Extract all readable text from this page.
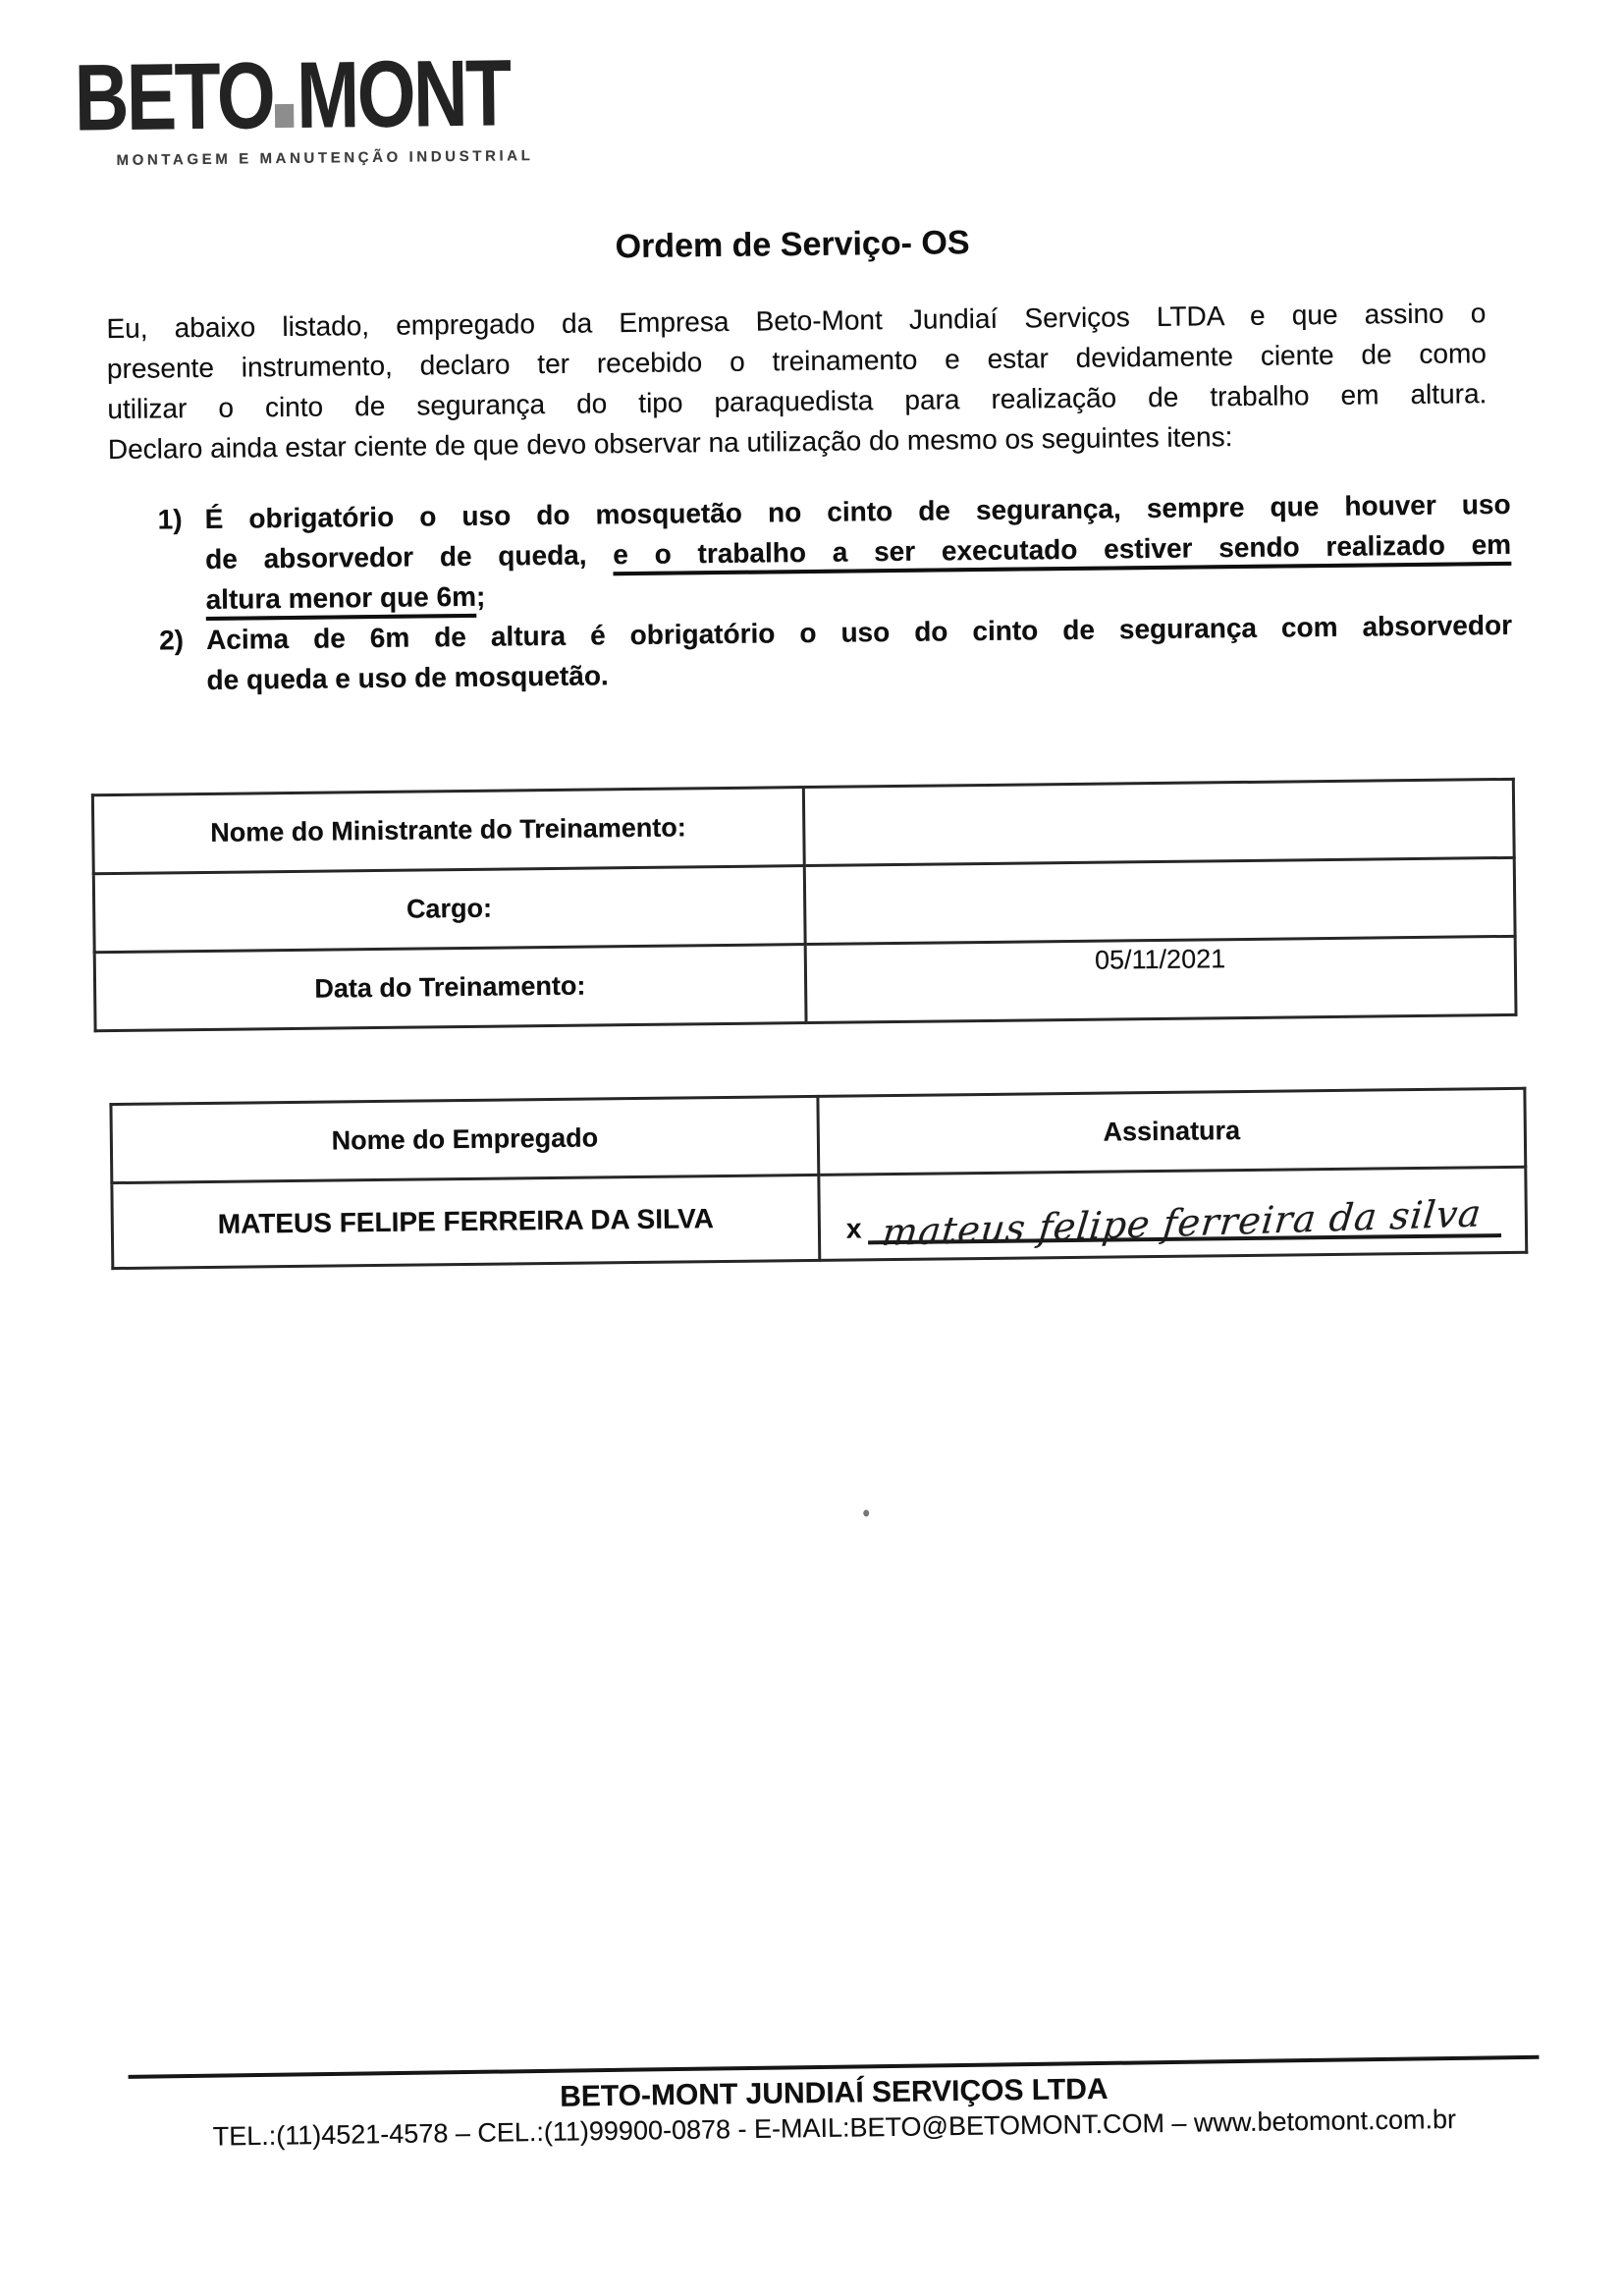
BETO MONT
MONTAGEM E MANUTENÇÃO INDUSTRIAL
Ordem de Serviço- OS
Eu, abaixo listado, empregado da Empresa Beto-Mont Jundiaí Serviços LTDA e que assino o
presente instrumento, declaro ter recebido o treinamento e estar devidamente ciente de como
utilizar o cinto de segurança do tipo paraquedista para realização de trabalho em altura.
Declaro ainda estar ciente de que devo observar na utilização do mesmo os seguintes itens:
1) É obrigatório o uso do mosquetão no cinto de segurança, sempre que houver uso
de absorvedor de queda, e o trabalho a ser executado estiver sendo realizado em
altura menor que 6m;
2) Acima de 6m de altura é obrigatório o uso do cinto de segurança com absorvedor
de queda e uso de mosquetão.
Nome do Ministrante do Treinamento:	
Cargo:	
Data do Treinamento:	05/11/2021
Nome do Empregado	Assinatura
MATEUS FELIPE FERREIRA DA SILVA	x mateus felipe ferreira da silva
BETO-MONT JUNDIAÍ SERVIÇOS LTDA
TEL.:(11)4521-4578 – CEL.:(11)99900-0878 - E-MAIL:BETO@BETOMONT.COM – www.betomont.com.br
